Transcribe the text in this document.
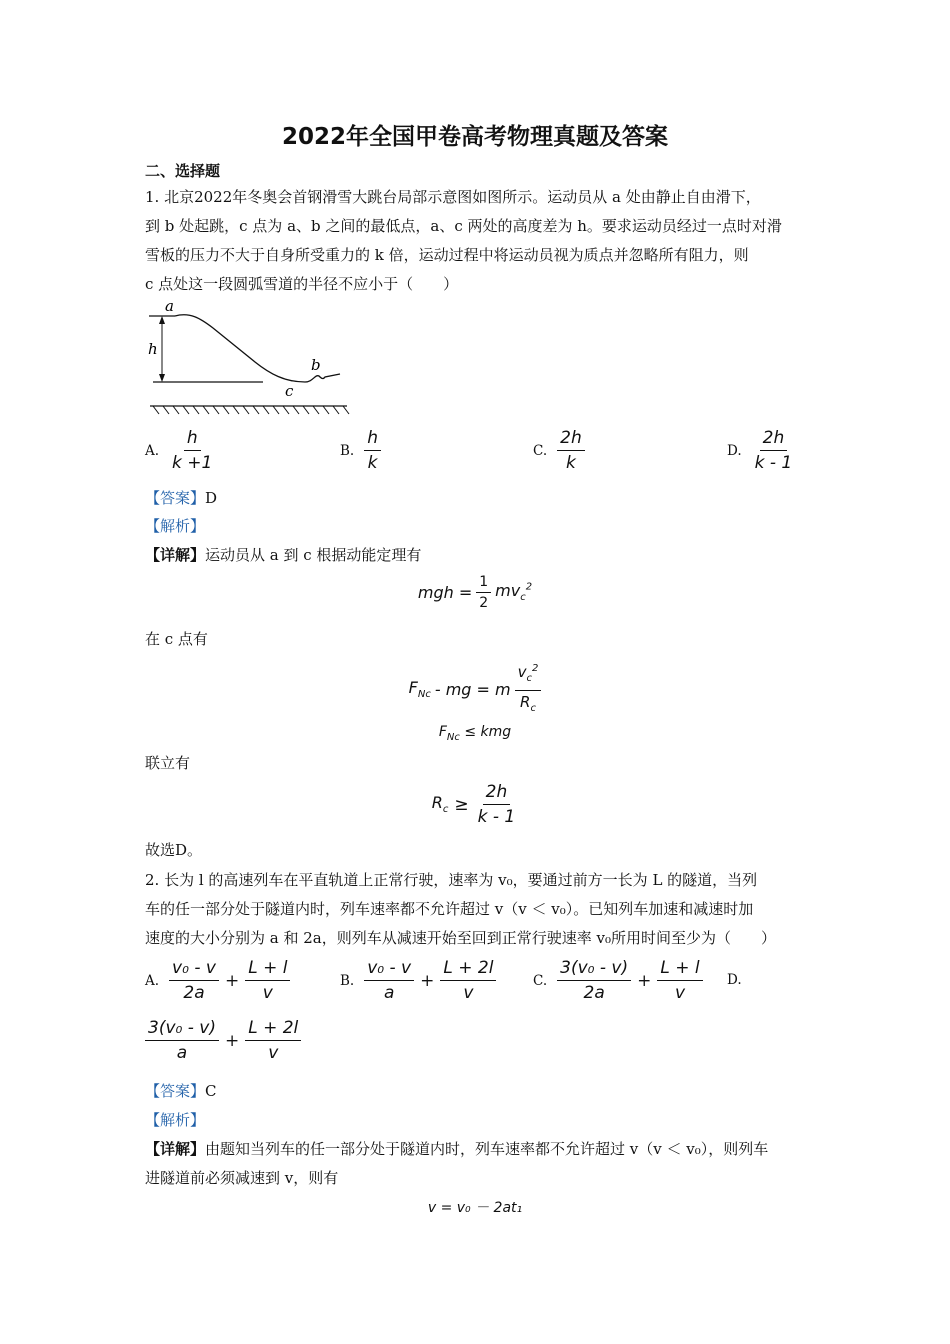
2022年全国甲卷高考物理真题及答案
二、选择题
1. 北京2022年冬奥会首钢滑雪大跳台局部示意图如图所示。运动员从 a 处由静止自由滑下，
到 b 处起跳，c 点为 a、b 之间的最低点，a、c 两处的高度差为 h。要求运动员经过一点时对滑
雪板的压力不大于自身所受重力的 k 倍，运动过程中将运动员视为质点并忽略所有阻力，则
c 点处这一段圆弧雪道的半径不应小于（　　）
a
h
b
c
A. $\frac{h}{k +1}$	B. $\frac{h}{k}$	C. $\frac{2h}{k}$	D. $\frac{2h}{k - 1}$
【答案】D
【解析】
【详解】运动员从 a 到 c 根据动能定理有
mgh = $\frac{1}{2} mv_c^2$
在 c 点有
$F_{Nc}$ - mg = m $\frac{v_c^2}{R_c}$
$F_{Nc}$ ≤ kmg
联立有
$R_c \ge \frac{2h}{k - 1}$
故选D。
2. 长为 l 的高速列车在平直轨道上正常行驶，速率为 v₀，要通过前方一长为 L 的隧道，当列
车的任一部分处于隧道内时，列车速率都不允许超过 v（v ＜ v₀）。已知列车加速和减速时加
速度的大小分别为 a 和 2a，则列车从减速开始至回到正常行驶速率 v₀所用时间至少为（　　）
A. $\frac{\text{v₀ - v}}{2a} + \frac{L + l}{v}$	B. $\frac{\text{v₀ - v}}{a} + \frac{L + 2l}{v}$	C. $\frac{\text{3(v₀ - v)}}{2a} + \frac{L + l}{v} D$.
$\frac{\text{3(v₀ - v)}}{a} + \frac{L + 2l}{v}$
【答案】C
【解析】
【详解】由题知当列车的任一部分处于隧道内时，列车速率都不允许超过 v（v ＜ v₀），则列车
进隧道前必须减速到 v，则有
v = v₀ － 2at₁
